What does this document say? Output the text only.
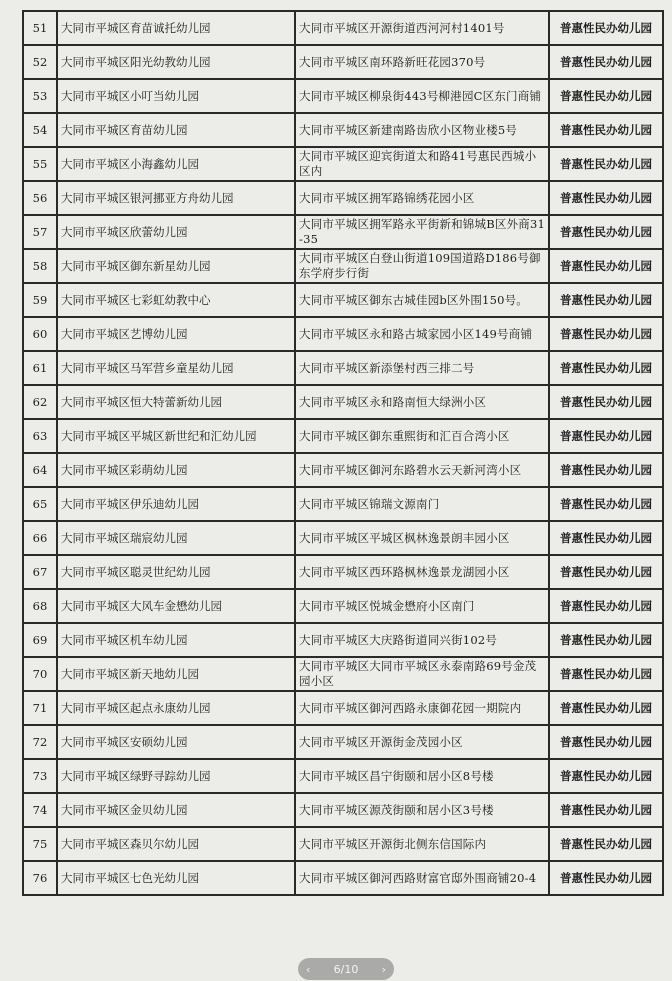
51	大同市平城区育苗诚托幼儿园	大同市平城区开源街道西河河村1401号	普惠性民办幼儿园
52	大同市平城区阳光幼教幼儿园	大同市平城区南环路新旺花园370号	普惠性民办幼儿园
53	大同市平城区小叮当幼儿园	大同市平城区柳泉街443号柳港园C区东门商铺	普惠性民办幼儿园
54	大同市平城区育苗幼儿园	大同市平城区新建南路齿欣小区物业楼5号	普惠性民办幼儿园
55	大同市平城区小海鑫幼儿园	大同市平城区迎宾街道太和路41号惠民西城小区内	普惠性民办幼儿园
56	大同市平城区银河挪亚方舟幼儿园	大同市平城区拥军路锦绣花园小区	普惠性民办幼儿园
57	大同市平城区欣蕾幼儿园	大同市平城区拥军路永平街新和锦城B区外商31-35	普惠性民办幼儿园
58	大同市平城区御东新星幼儿园	大同市平城区白登山街道109国道路D186号御东学府步行街	普惠性民办幼儿园
59	大同市平城区七彩虹幼教中心	大同市平城区御东古城佳园b区外围150号。	普惠性民办幼儿园
60	大同市平城区艺博幼儿园	大同市平城区永和路古城家园小区149号商铺	普惠性民办幼儿园
61	大同市平城区马军营乡童星幼儿园	大同市平城区新添堡村西三排二号	普惠性民办幼儿园
62	大同市平城区恒大特蕾新幼儿园	大同市平城区永和路南恒大绿洲小区	普惠性民办幼儿园
63	大同市平城区平城区新世纪和汇幼儿园	大同市平城区御东重熙街和汇百合湾小区	普惠性民办幼儿园
64	大同市平城区彩萌幼儿园	大同市平城区御河东路碧水云天新河湾小区	普惠性民办幼儿园
65	大同市平城区伊乐迪幼儿园	大同市平城区锦瑞文源南门	普惠性民办幼儿园
66	大同市平城区瑞宸幼儿园	大同市平城区平城区枫林逸景朗丰园小区	普惠性民办幼儿园
67	大同市平城区聪灵世纪幼儿园	大同市平城区西环路枫林逸景龙湖园小区	普惠性民办幼儿园
68	大同市平城区大风车金懋幼儿园	大同市平城区悦城金懋府小区南门	普惠性民办幼儿园
69	大同市平城区机车幼儿园	大同市平城区大庆路街道同兴街102号	普惠性民办幼儿园
70	大同市平城区新天地幼儿园	大同市平城区大同市平城区永泰南路69号金茂园小区	普惠性民办幼儿园
71	大同市平城区起点永康幼儿园	大同市平城区御河西路永康御花园一期院内	普惠性民办幼儿园
72	大同市平城区安硕幼儿园	大同市平城区开源街金茂园小区	普惠性民办幼儿园
73	大同市平城区绿野寻踪幼儿园	大同市平城区昌宁街颐和居小区8号楼	普惠性民办幼儿园
74	大同市平城区金贝幼儿园	大同市平城区源茂街颐和居小区3号楼	普惠性民办幼儿园
75	大同市平城区森贝尔幼儿园	大同市平城区开源街北侧东信国际内	普惠性民办幼儿园
76	大同市平城区七色光幼儿园	大同市平城区御河西路财富官邸外围商铺20-4	普惠性民办幼儿园
‹ 6/10 ›
